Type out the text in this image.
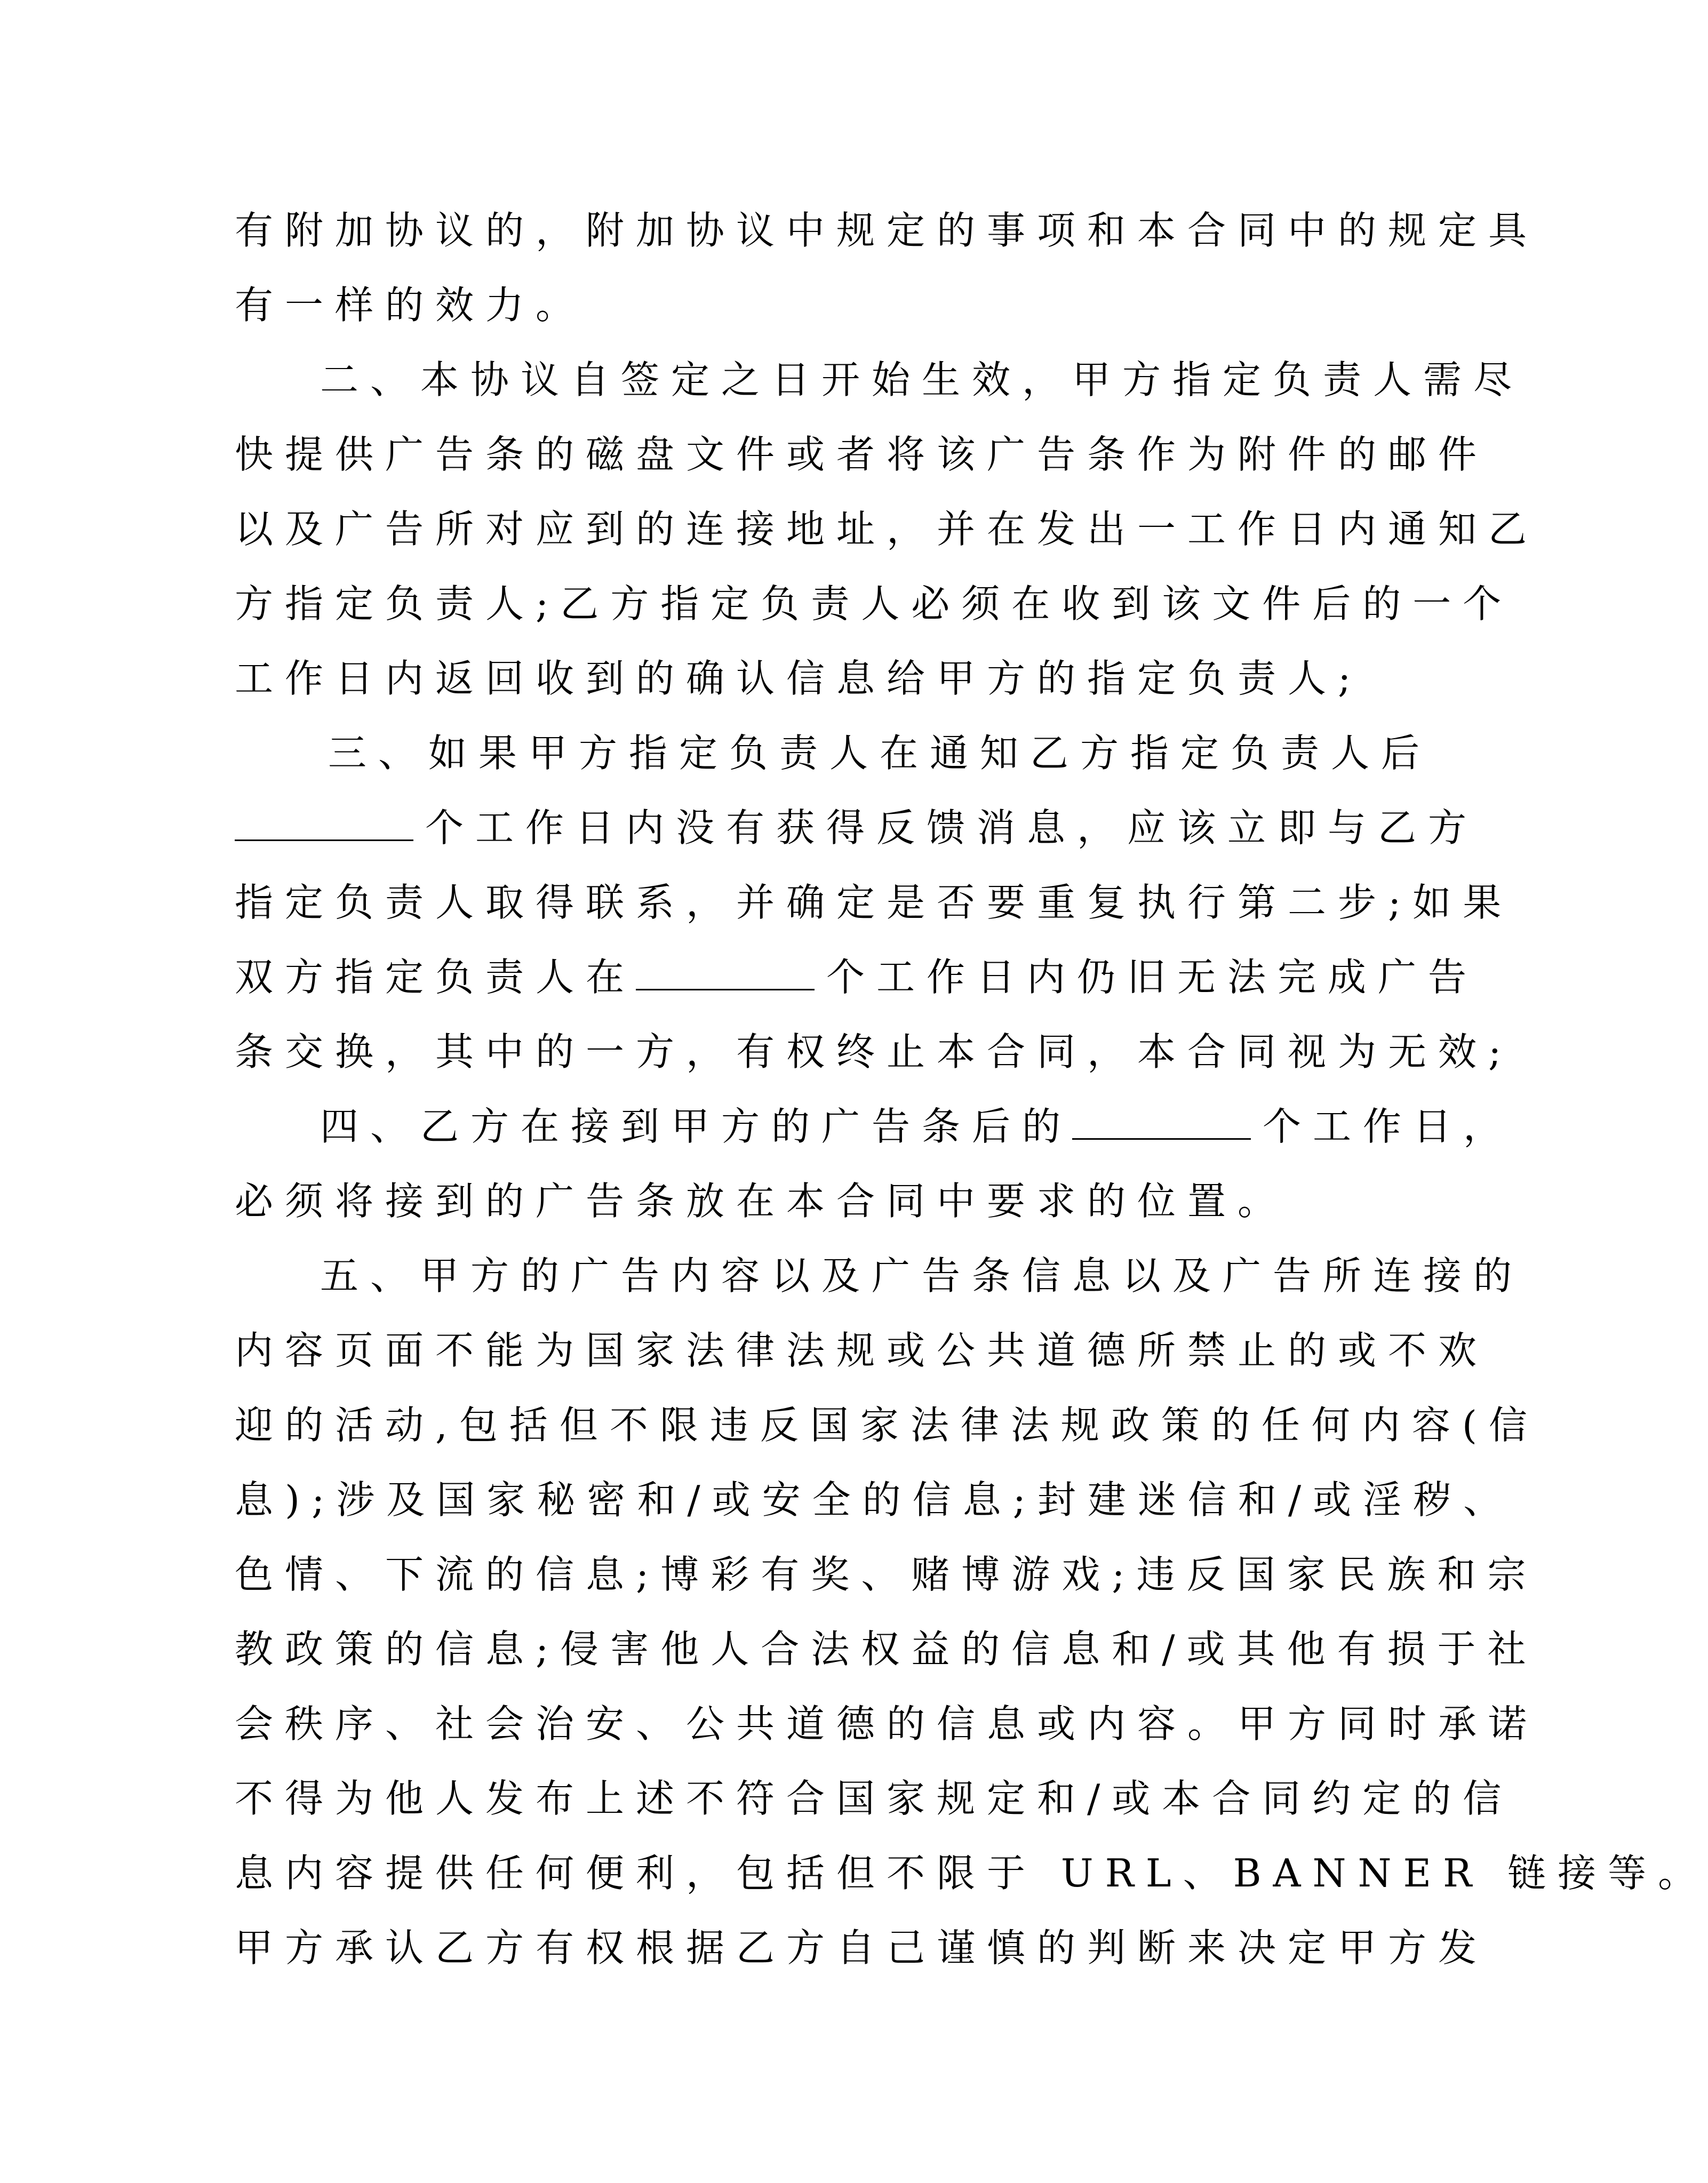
有附加协议的，附加协议中规定的事项和本合同中的规定具
有一样的效力。
二、本协议自签定之日开始生效，甲方指定负责人需尽
快提供广告条的磁盘文件或者将该广告条作为附件的邮件
以及广告所对应到的连接地址，并在发出一工作日内通知乙
方指定负责人;乙方指定负责人必须在收到该文件后的一个
工作日内返回收到的确认信息给甲方的指定负责人;
三、如果甲方指定负责人在通知乙方指定负责人后
个工作日内没有获得反馈消息，应该立即与乙方
指定负责人取得联系，并确定是否要重复执行第二步;如果
双方指定负责人在	个工作日内仍旧无法完成广告
条交换，其中的一方，有权终止本合同，本合同视为无效;
四、乙方在接到甲方的广告条后的	个工作日，
必须将接到的广告条放在本合同中要求的位置。
五、甲方的广告内容以及广告条信息以及广告所连接的
内容页面不能为国家法律法规或公共道德所禁止的或不欢
迎的活动,包括但不限违反国家法律法规政策的任何内容(信
息);涉及国家秘密和/或安全的信息;封建迷信和/或淫秽、
色情、下流的信息;博彩有奖、赌博游戏;违反国家民族和宗
教政策的信息;侵害他人合法权益的信息和/或其他有损于社
会秩序、社会治安、公共道德的信息或内容。甲方同时承诺
不得为他人发布上述不符合国家规定和/或本合同约定的信
息内容提供任何便利，包括但不限于 URL、BANNER 链接等。
甲方承认乙方有权根据乙方自己谨慎的判断来决定甲方发
